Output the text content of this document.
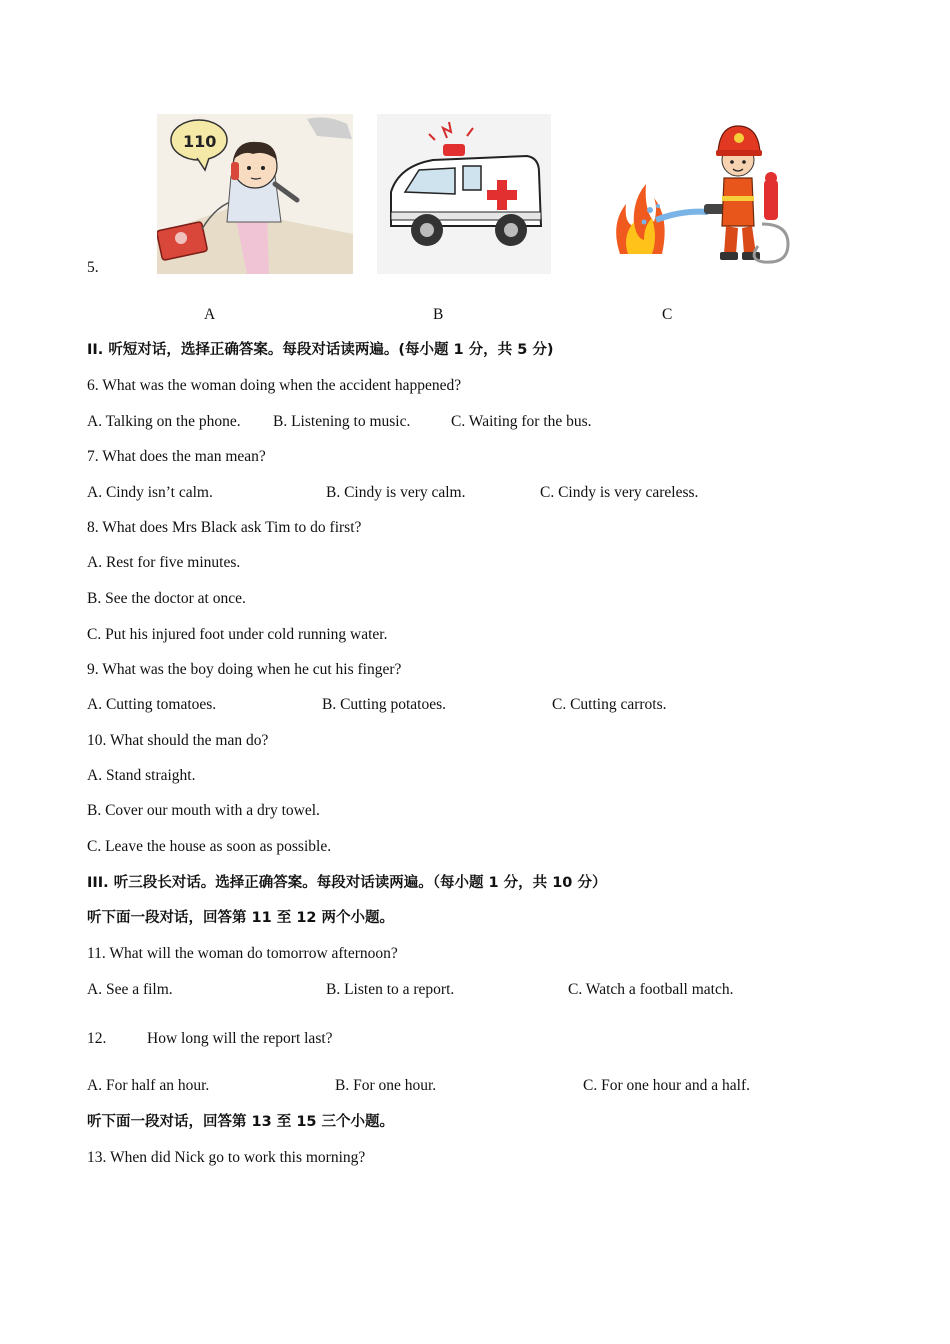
5.
110
A	B	C
II. 听短对话，选择正确答案。每段对话读两遍。(每小题 1 分，共 5 分)
6. What was the woman doing when the accident happened?
A. Talking on the phone. B. Listening to music.	C. Waiting for the bus.
7. What does the man mean?
A. Cindy isn’t calm.	B. Cindy is very calm.	C. Cindy is very careless.
8. What does Mrs Black ask Tim to do first?
A. Rest for five minutes.
B. See the doctor at once.
C. Put his injured foot under cold running water.
9. What was the boy doing when he cut his finger?
A. Cutting tomatoes.	B. Cutting potatoes.	C. Cutting carrots.
10. What should the man do?
A. Stand straight.
B. Cover our mouth with a dry towel.
C. Leave the house as soon as possible.
III. 听三段长对话。选择正确答案。每段对话读两遍。（每小题 1 分，共 10 分）
听下面一段对话，回答第 11 至 12 两个小题。
11. What will the woman do tomorrow afternoon?
A. See a film.	B. Listen to a report.	C. Watch a football match.
12.	How long will the report last?
A. For half an hour.	B. For one hour.	C. For one hour and a half.
听下面一段对话，回答第 13 至 15 三个小题。
13. When did Nick go to work this morning?
